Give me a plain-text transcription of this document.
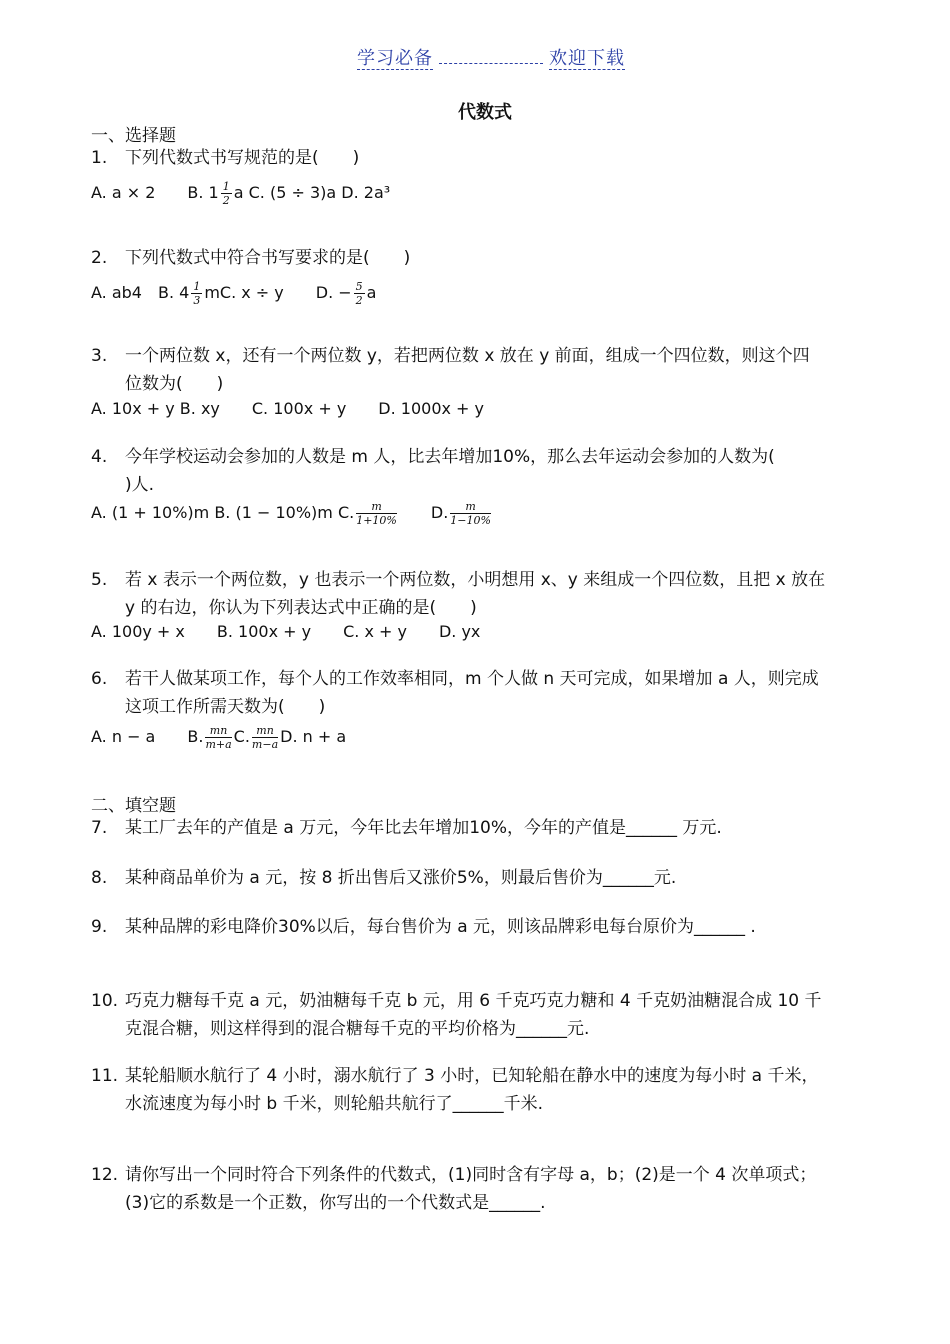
学习必备	欢迎下载
代数式
一、选择题
1. 下列代数式书写规范的是(　　)
A. a × 2　　B. $1 \frac{1}{2}$ a C. (5 ÷ 3)a D. 2a³
2. 下列代数式中符合书写要求的是(　　)
A. ab4　B. $4 \frac{1}{3}$ mC. x ÷ y　　D. − $\frac{5}{2}$ a
3. 一个两位数 x，还有一个两位数 y，若把两位数 x 放在 y 前面，组成一个四位数，则这个四
位数为(　　)
A. 10x + y B. xy　　C. 100x + y　　D. 1000x + y
4. 今年学校运动会参加的人数是 m 人，比去年增加10%，那么去年运动会参加的人数为(
)人.
A. (1 + 10%)m B. (1 − 10%)m C. $\frac{m}{1+10\%}$ 　　D. $\frac{m}{1-10\%}$
5. 若 x 表示一个两位数，y 也表示一个两位数，小明想用 x、y 来组成一个四位数，且把 x 放在
y 的右边，你认为下列表达式中正确的是(　　)
A. 100y + x　　B. 100x + y　　C. x + y　　D. yx
6. 若干人做某项工作，每个人的工作效率相同，m 个人做 n 天可完成，如果增加 a 人，则完成
这项工作所需天数为(　　)
A. n − a　　B. $\frac{mn}{m+a} C$. $\frac{mn}{m-a} D$. n + a
二、填空题
7. 某工厂去年的产值是 a 万元，今年比去年增加10%，今年的产值是______ 万元.
8. 某种商品单价为 a 元，按 8 折出售后又涨价5%，则最后售价为______元.
9. 某种品牌的彩电降价30%以后，每台售价为 a 元，则该品牌彩电每台原价为______ .
10. 巧克力糖每千克 a 元，奶油糖每千克 b 元，用 6 千克巧克力糖和 4 千克奶油糖混合成 10 千
克混合糖，则这样得到的混合糖每千克的平均价格为______元.
11. 某轮船顺水航行了 4 小时，溺水航行了 3 小时，已知轮船在静水中的速度为每小时 a 千米，
水流速度为每小时 b 千米，则轮船共航行了______千米.
12. 请你写出一个同时符合下列条件的代数式，(1)同时含有字母 a，b；(2)是一个 4 次单项式；
(3)它的系数是一个正数，你写出的一个代数式是______.
